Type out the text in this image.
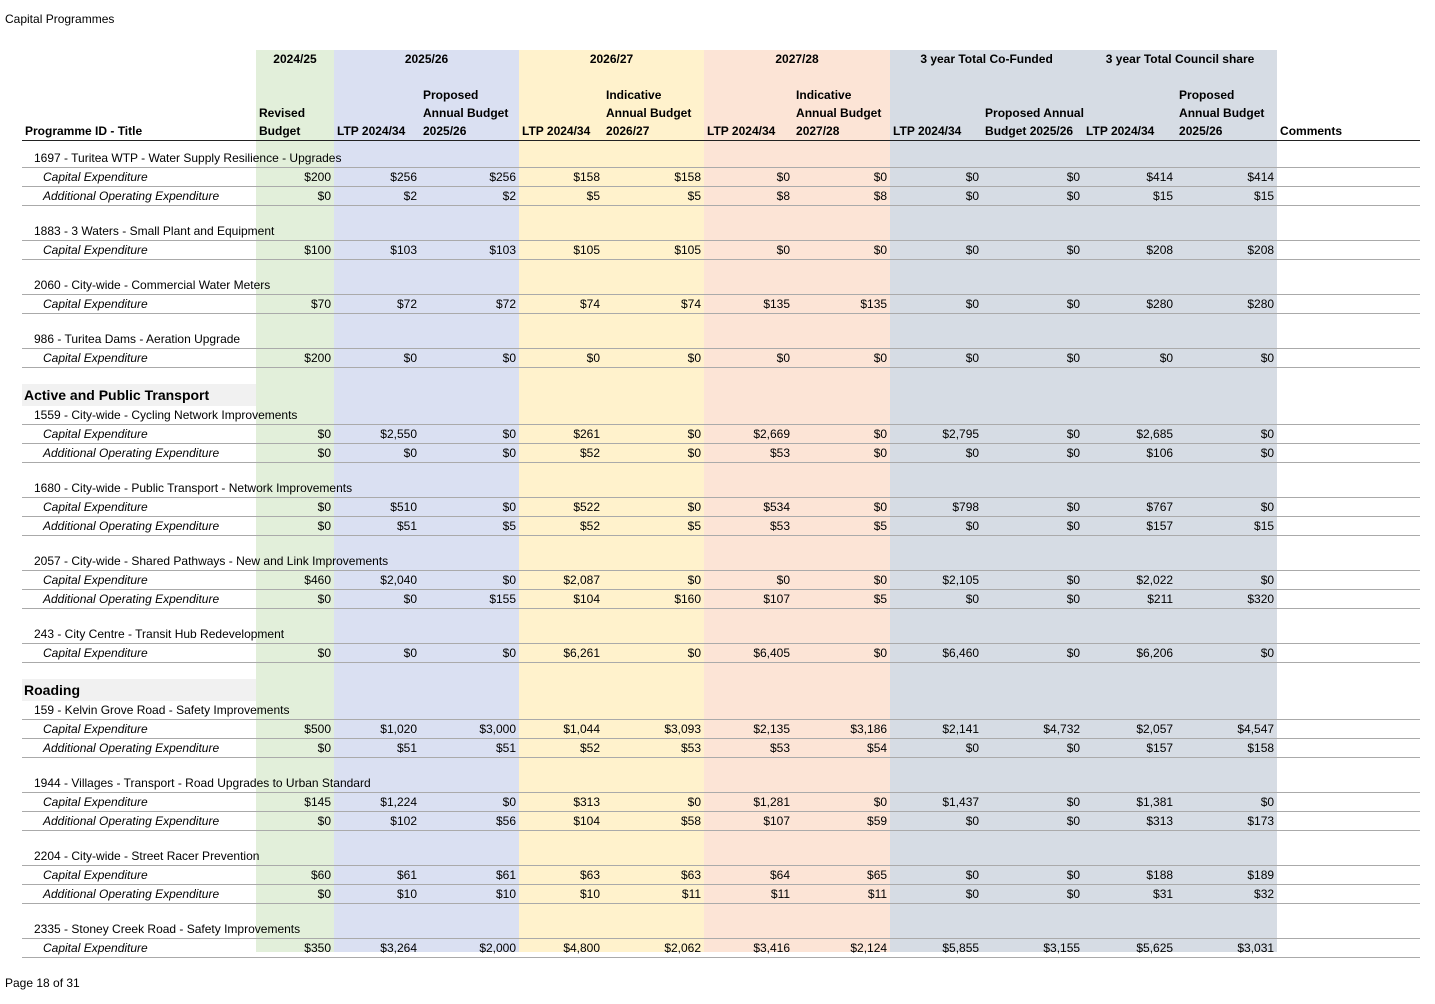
Capital Programmes
	2024/25	2025/26		2026/27		2027/28		3 year Total Co-Funded		3 year Total Council share		
Programme ID - Title	Revised Budget	LTP 2024/34	Proposed Annual Budget 2025/26	LTP 2024/34	Indicative Annual Budget 2026/27	LTP 2024/34	Indicative Annual Budget 2027/28	LTP 2024/34	Proposed Annual Budget 2025/26	LTP 2024/34	Proposed Annual Budget 2025/26	Comments

1697 - Turitea WTP - Water Supply Resilience - Upgrades												
Capital Expenditure	$200	$256	$256	$158	$158	$0	$0	$0	$0	$414	$414	
Additional Operating Expenditure	$0	$2	$2	$5	$5	$8	$8	$0	$0	$15	$15	

1883 - 3 Waters - Small Plant and Equipment												
Capital Expenditure	$100	$103	$103	$105	$105	$0	$0	$0	$0	$208	$208	

2060 - City-wide - Commercial Water Meters												
Capital Expenditure	$70	$72	$72	$74	$74	$135	$135	$0	$0	$280	$280	

986 - Turitea Dams - Aeration Upgrade												
Capital Expenditure	$200	$0	$0	$0	$0	$0	$0	$0	$0	$0	$0	

Active and Public Transport												
1559 - City-wide - Cycling Network Improvements												
Capital Expenditure	$0	$2,550	$0	$261	$0	$2,669	$0	$2,795	$0	$2,685	$0	
Additional Operating Expenditure	$0	$0	$0	$52	$0	$53	$0	$0	$0	$106	$0	

1680 - City-wide - Public Transport - Network Improvements												
Capital Expenditure	$0	$510	$0	$522	$0	$534	$0	$798	$0	$767	$0	
Additional Operating Expenditure	$0	$51	$5	$52	$5	$53	$5	$0	$0	$157	$15	

2057 - City-wide - Shared Pathways - New and Link Improvements												
Capital Expenditure	$460	$2,040	$0	$2,087	$0	$0	$0	$2,105	$0	$2,022	$0	
Additional Operating Expenditure	$0	$0	$155	$104	$160	$107	$5	$0	$0	$211	$320	

243 - City Centre - Transit Hub Redevelopment												
Capital Expenditure	$0	$0	$0	$6,261	$0	$6,405	$0	$6,460	$0	$6,206	$0	

Roading												
159 - Kelvin Grove Road - Safety Improvements												
Capital Expenditure	$500	$1,020	$3,000	$1,044	$3,093	$2,135	$3,186	$2,141	$4,732	$2,057	$4,547	
Additional Operating Expenditure	$0	$51	$51	$52	$53	$53	$54	$0	$0	$157	$158	

1944 - Villages - Transport - Road Upgrades to Urban Standard												
Capital Expenditure	$145	$1,224	$0	$313	$0	$1,281	$0	$1,437	$0	$1,381	$0	
Additional Operating Expenditure	$0	$102	$56	$104	$58	$107	$59	$0	$0	$313	$173	

2204 - City-wide - Street Racer Prevention												
Capital Expenditure	$60	$61	$61	$63	$63	$64	$65	$0	$0	$188	$189	
Additional Operating Expenditure	$0	$10	$10	$10	$11	$11	$11	$0	$0	$31	$32	

2335 - Stoney Creek Road - Safety Improvements												
Capital Expenditure	$350	$3,264	$2,000	$4,800	$2,062	$3,416	$2,124	$5,855	$3,155	$5,625	$3,031	
Page 18 of 31
